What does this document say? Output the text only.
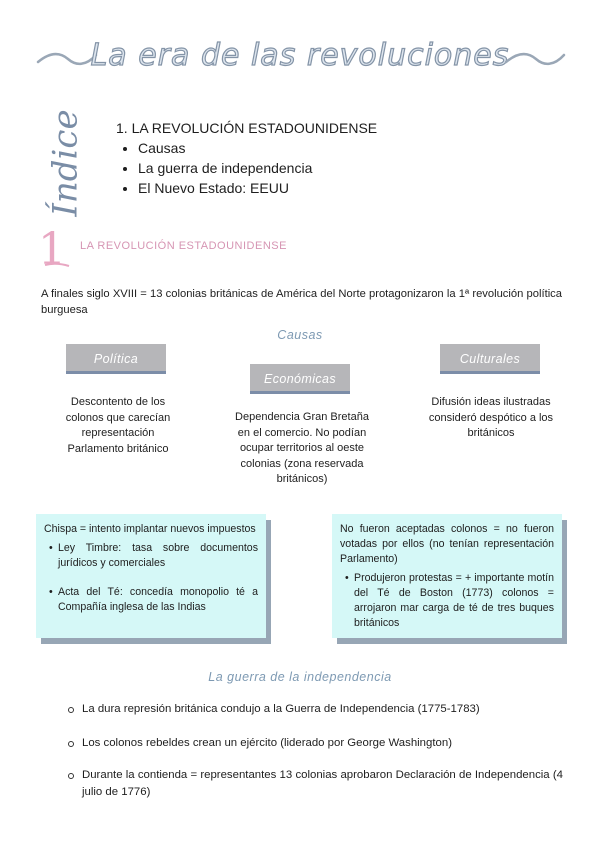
La era de las revoluciones
Índice 1. LA REVOLUCIÓN ESTADOUNIDENSE

• Causas
• La guerra de independencia
• El Nuevo Estado: EEUU
1 LA REVOLUCIÓN ESTADOUNIDENSE
A finales siglo XVIII = 13 colonias británicas de América del Norte protagonizaron la 1ª revolución política burguesa
Causas
Política
Económicas
Culturales
Descontento de los colonos que carecían representación Parlamento británico
Dependencia Gran Bretaña en el comercio. No podían ocupar territorios al oeste colonias (zona reservada británicos)
Difusión ideas ilustradas consideró despótico a los británicos

Chispa = intento implantar nuevos impuestos

• Ley Timbre: tasa sobre documentos jurídicos y comerciales
• Acta del Té: concedía monopolio té a Compañía inglesa de las Indias

No fueron aceptadas colonos = no fueron votadas por ellos (no tenían representación Parlamento)

• Produjeron protestas = + importante motín del Té de Boston (1773) colonos = arrojaron mar carga de té de tres buques británicos
La guerra de la independencia
La dura represión británica condujo a la Guerra de Independencia (1775-1783)
Los colonos rebeldes crean un ejército (liderado por George Washington)
Durante la contienda = representantes 13 colonias aprobaron Declaración de Independencia (4 julio de 1776)
